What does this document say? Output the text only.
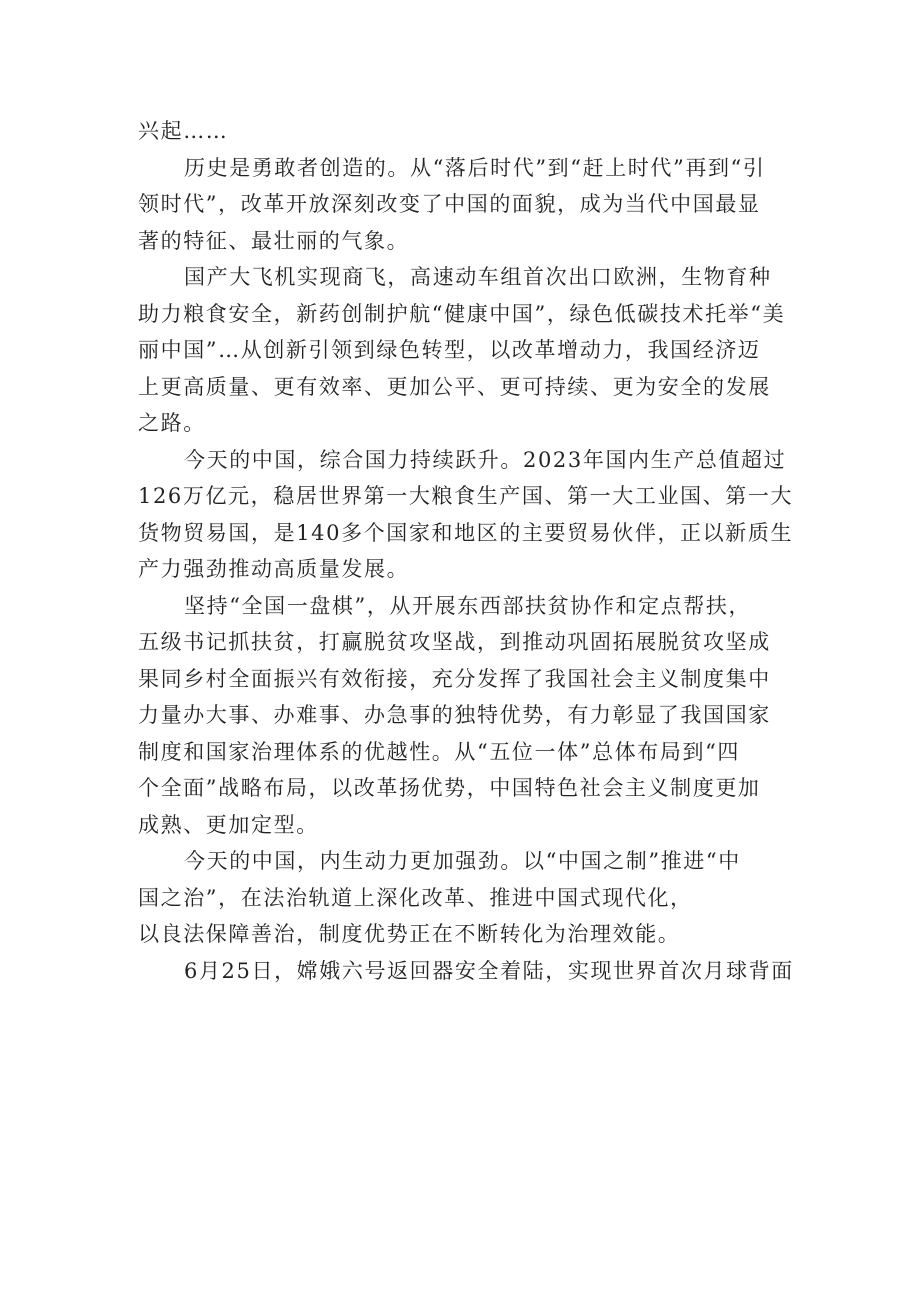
兴起……
历史是勇敢者创造的。从“落后时代”到“赶上时代”再到“引
领时代”，改革开放深刻改变了中国的面貌，成为当代中国最显
著的特征、最壮丽的气象。
国产大飞机实现商飞，高速动车组首次出口欧洲，生物育种
助力粮食安全，新药创制护航“健康中国”，绿色低碳技术托举“美
丽中国”…从创新引领到绿色转型，以改革增动力，我国经济迈
上更高质量、更有效率、更加公平、更可持续、更为安全的发展
之路。
今天的中国，综合国力持续跃升。2023年国内生产总值超过
126万亿元，稳居世界第一大粮食生产国、第一大工业国、第一大
货物贸易国，是140多个国家和地区的主要贸易伙伴，正以新质生
产力强劲推动高质量发展。
坚持“全国一盘棋”，从开展东西部扶贫协作和定点帮扶，
五级书记抓扶贫，打赢脱贫攻坚战，到推动巩固拓展脱贫攻坚成
果同乡村全面振兴有效衔接，充分发挥了我国社会主义制度集中
力量办大事、办难事、办急事的独特优势，有力彰显了我国国家
制度和国家治理体系的优越性。从“五位一体”总体布局到“四
个全面”战略布局，以改革扬优势，中国特色社会主义制度更加
成熟、更加定型。
今天的中国，内生动力更加强劲。以“中国之制”推进“中
国之治”，在法治轨道上深化改革、推进中国式现代化，
以良法保障善治，制度优势正在不断转化为治理效能。
6月25日，嫦娥六号返回器安全着陆，实现世界首次月球背面
